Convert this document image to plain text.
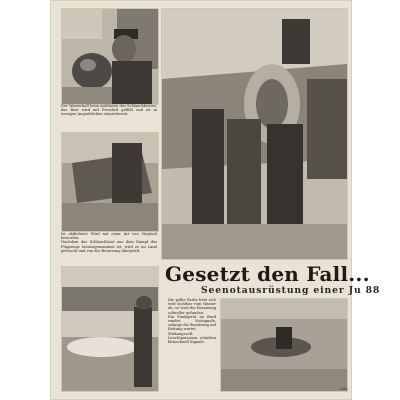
Der Wasserball beim Aufblasen des Schlauchbootes; das Boot wird mit Pressluft gefüllt und ist in wenigen Augenblicken einsatzbereit.
Ist abdichten! Wird mit einer Art von Sieglack beworfen.
Nachdem das Schlauchboot aus dem Rumpf des Flugzeugs herausgenommen ist, wird es an Land gebracht und von der Besatzung überprüft.
Die gelbe Farbe hebt sich weit sichtbar vom Wasser ab; so wird die Besatzung schneller gefunden.
Ein Funkgerät an Bord sendet Notsignale, solange die Besatzung auf Rettung wartet.
Wirkungsvoll: Leuchtpatronen schießen blitzschnell Signale.
Gesetzt den Fall...
Seenotausrüstung einer Ju 88
189
